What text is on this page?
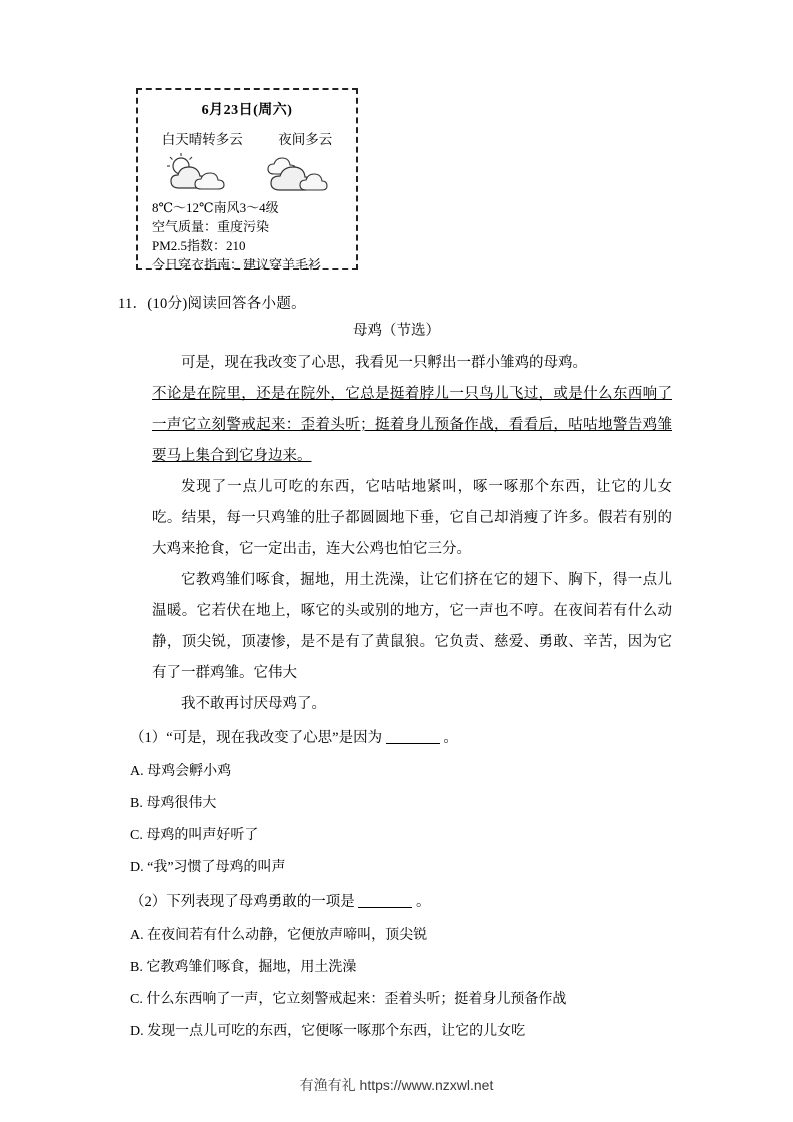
6月23日(周六)
白天晴转多云	夜间多云
8℃～12℃南风3～4级
空气质量：重度污染
PM2.5指数：210
今日穿衣指南：建议穿羊毛衫
11．(10分)阅读回答各小题。
母鸡（节选）
可是，现在我改变了心思，我看见一只孵出一群小雏鸡的母鸡。
不论是在院里，还是在院外，它总是挺着脖儿一只鸟儿飞过，或是什么东西响了一声它立刻警戒起来：歪着头听；挺着身儿预备作战，看看后，咕咕地警告鸡雏要马上集合到它身边来。
发现了一点儿可吃的东西，它咕咕地紧叫，啄一啄那个东西，让它的儿女吃。结果，每一只鸡雏的肚子都圆圆地下垂，它自己却消瘦了许多。假若有别的大鸡来抢食，它一定出击，连大公鸡也怕它三分。
它教鸡雏们啄食，掘地，用土洗澡，让它们挤在它的翅下、胸下，得一点儿温暖。它若伏在地上，啄它的头或别的地方，它一声也不哼。在夜间若有什么动静，顶尖锐，顶凄惨，是不是有了黄鼠狼。它负责、慈爱、勇敢、辛苦，因为它有了一群鸡雏。它伟大
我不敢再讨厌母鸡了。
（1）“可是，现在我改变了心思”是因为	。
A. 母鸡会孵小鸡
B. 母鸡很伟大
C. 母鸡的叫声好听了
D. “我”习惯了母鸡的叫声
（2）下列表现了母鸡勇敢的一项是	。
A. 在夜间若有什么动静，它便放声啼叫，顶尖锐
B. 它教鸡雏们啄食，掘地，用土洗澡
C. 什么东西响了一声，它立刻警戒起来：歪着头听；挺着身儿预备作战
D. 发现一点儿可吃的东西，它便啄一啄那个东西，让它的儿女吃
有渔有礼 https://www.nzxwl.net
